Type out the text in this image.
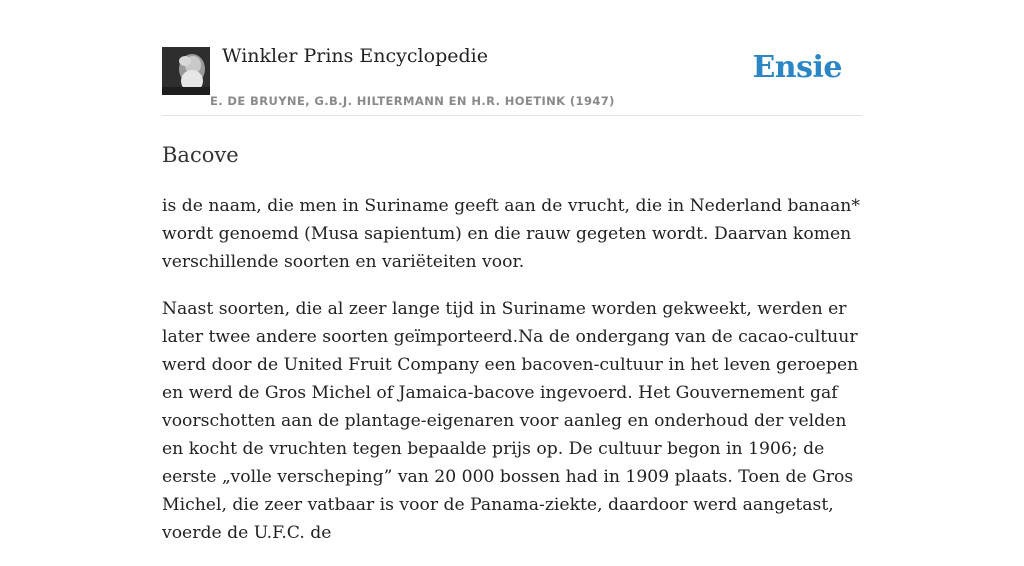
Winkler Prins Encyclopedie
E. DE BRUYNE, G.B.J. HILTERMANN EN H.R. HOETINK (1947)
Ensie
Bacove

is de naam, die men in Suriname geeft aan de vrucht, die in Nederland banaan* wordt genoemd (Musa sapientum) en die rauw gegeten wordt. Daarvan komen verschillende soorten en variëteiten voor.

Naast soorten, die al zeer lange tijd in Suriname worden gekweekt, werden er later twee andere soorten geïmporteerd.Na de ondergang van de cacao-cultuur werd door de United Fruit Company een bacoven-cultuur in het leven geroepen en werd de Gros Michel of Jamaica-bacove ingevoerd. Het Gouvernement gaf voorschotten aan de plantage-eigenaren voor aanleg en onderhoud der velden en kocht de vruchten tegen bepaalde prijs op. De cultuur begon in 1906; de eerste „volle verscheping” van 20 000 bossen had in 1909 plaats. Toen de Gros Michel, die zeer vatbaar is voor de Panama-ziekte, daardoor werd aangetast, voerde de U.F.C. de
